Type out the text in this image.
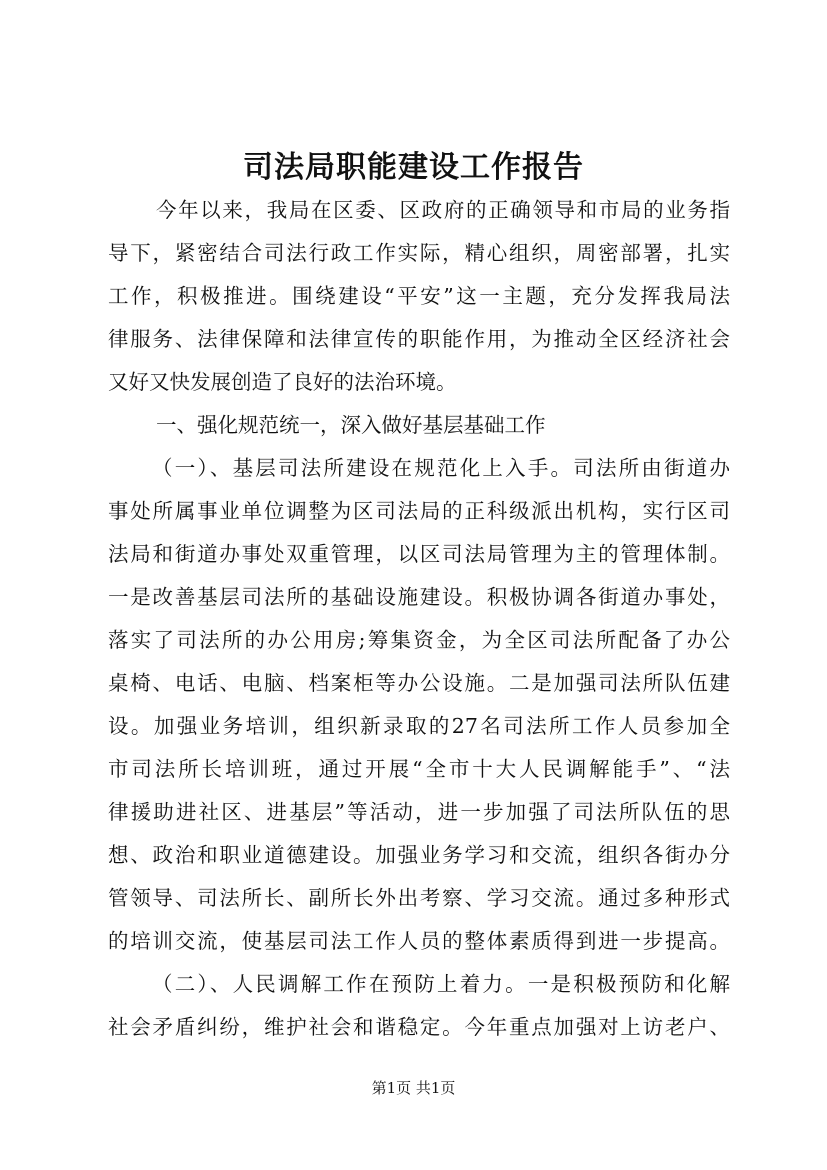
司法局职能建设工作报告
今年以来，我局在区委、区政府的正确领导和市局的业务指
导下，紧密结合司法行政工作实际，精心组织，周密部署，扎实
工作，积极推进。围绕建设“平安”这一主题，充分发挥我局法
律服务、法律保障和法律宣传的职能作用，为推动全区经济社会
又好又快发展创造了良好的法治环境。
一、强化规范统一，深入做好基层基础工作
（一）、基层司法所建设在规范化上入手。司法所由街道办
事处所属事业单位调整为区司法局的正科级派出机构，实行区司
法局和街道办事处双重管理，以区司法局管理为主的管理体制。
一是改善基层司法所的基础设施建设。积极协调各街道办事处，
落实了司法所的办公用房;筹集资金，为全区司法所配备了办公
桌椅、电话、电脑、档案柜等办公设施。二是加强司法所队伍建
设。加强业务培训，组织新录取的27名司法所工作人员参加全
市司法所长培训班，通过开展“全市十大人民调解能手”、“法
律援助进社区、进基层”等活动，进一步加强了司法所队伍的思
想、政治和职业道德建设。加强业务学习和交流，组织各街办分
管领导、司法所长、副所长外出考察、学习交流。通过多种形式
的培训交流，使基层司法工作人员的整体素质得到进一步提高。
（二）、人民调解工作在预防上着力。一是积极预防和化解
社会矛盾纠纷，维护社会和谐稳定。今年重点加强对上访老户、
第1页 共1页
